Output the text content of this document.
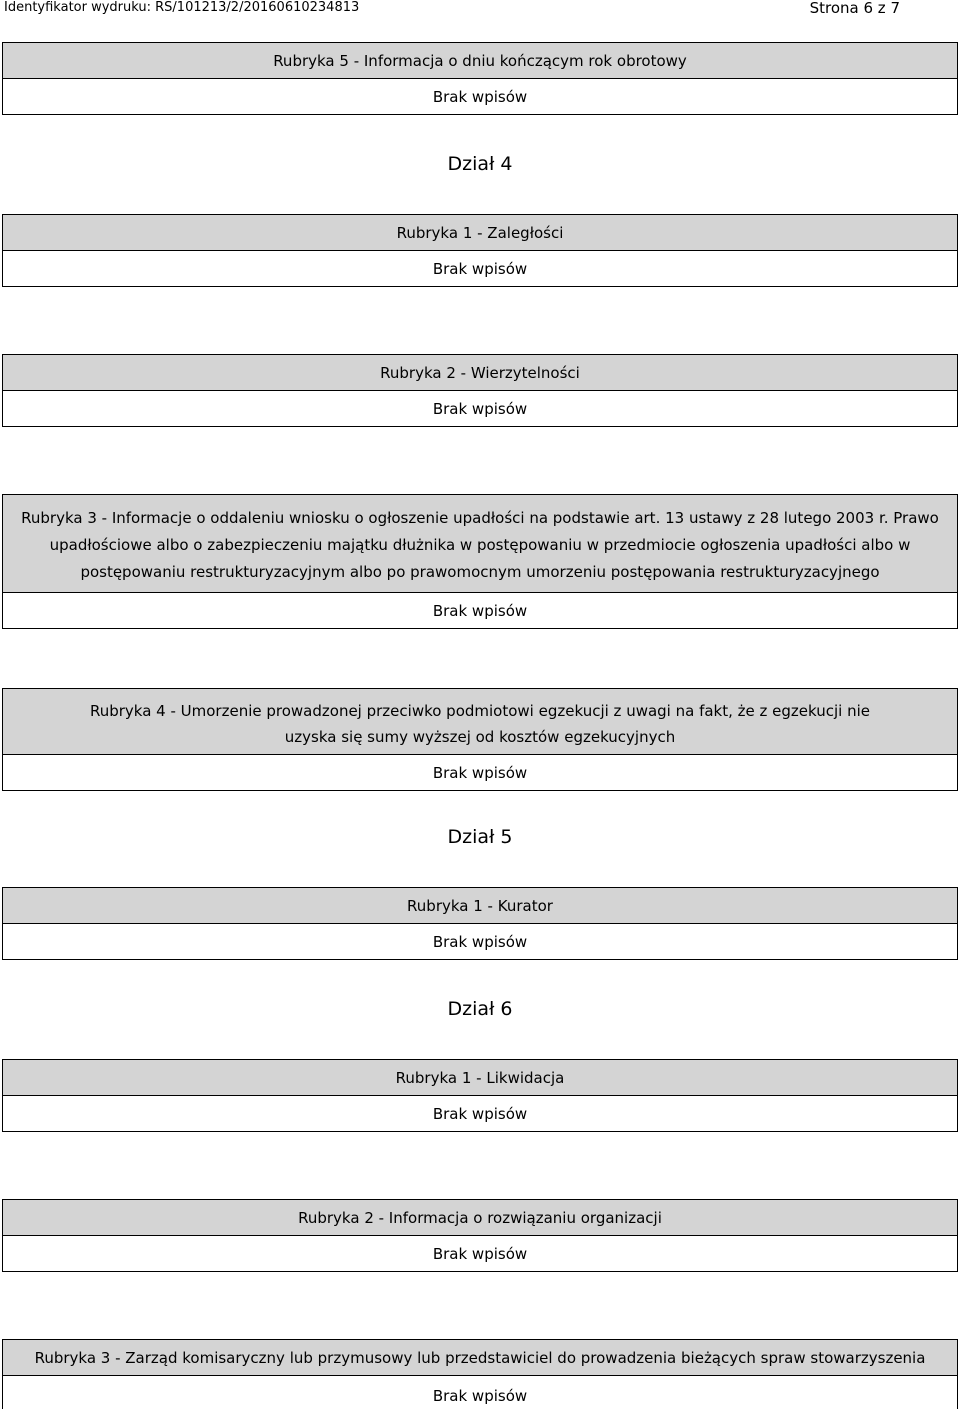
Identyfikator wydruku: RS/101213/2/20160610234813	Strona 6 z 7
Rubryka 5 - Informacja o dniu kończącym rok obrotowy
Brak wpisów
Dział 4
Rubryka 1 - Zaległości
Brak wpisów
Rubryka 2 - Wierzytelności
Brak wpisów
Rubryka 3 - Informacje o oddaleniu wniosku o ogłoszenie upadłości na podstawie art. 13 ustawy z 28 lutego 2003 r. Prawo upadłościowe albo o zabezpieczeniu majątku dłużnika w postępowaniu w przedmiocie ogłoszenia upadłości albo w postępowaniu restrukturyzacyjnym albo po prawomocnym umorzeniu postępowania restrukturyzacyjnego
Brak wpisów
Rubryka 4 - Umorzenie prowadzonej przeciwko podmiotowi egzekucji z uwagi na fakt, że z egzekucji nie uzyska się sumy wyższej od kosztów egzekucyjnych
Brak wpisów
Dział 5
Rubryka 1 - Kurator
Brak wpisów
Dział 6
Rubryka 1 - Likwidacja
Brak wpisów
Rubryka 2 - Informacja o rozwiązaniu organizacji
Brak wpisów
Rubryka 3 - Zarząd komisaryczny lub przymusowy lub przedstawiciel do prowadzenia bieżących spraw stowarzyszenia
Brak wpisów
